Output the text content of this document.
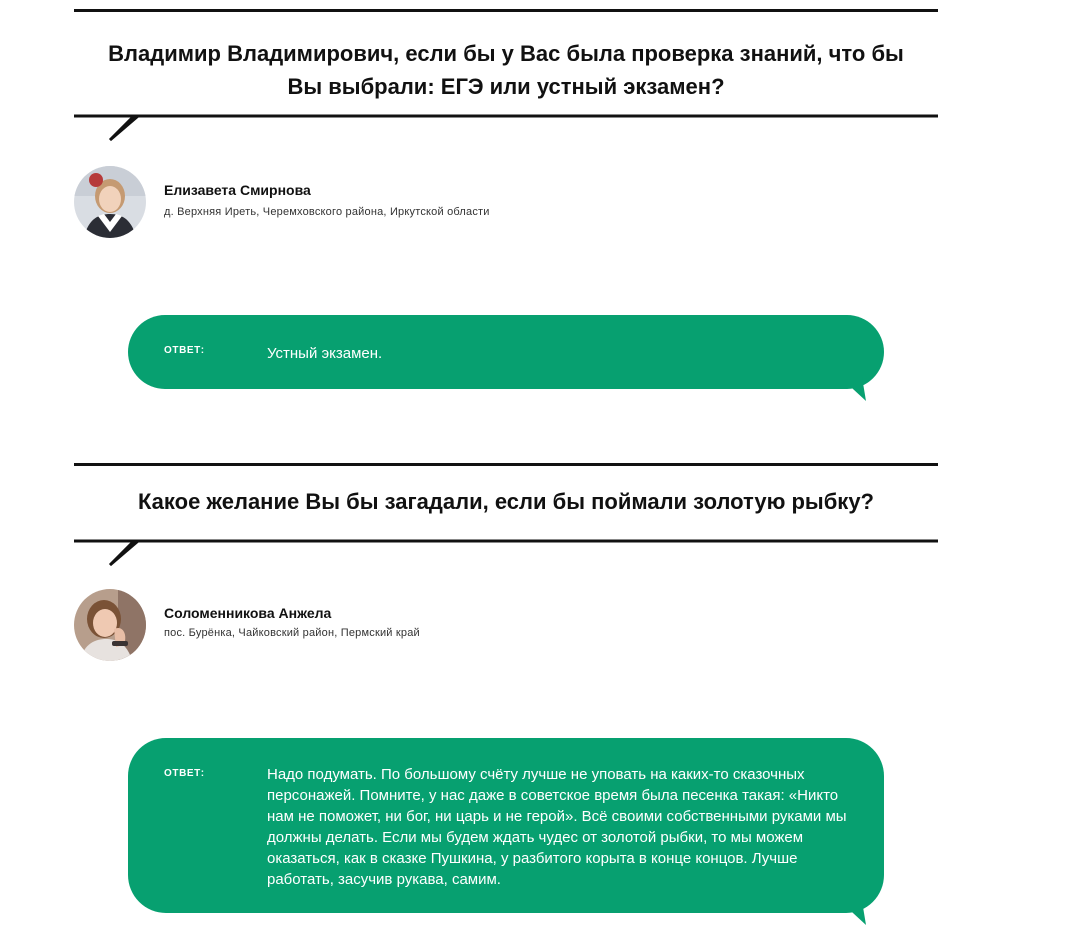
Владимир Владимирович, если бы у Вас была проверка знаний, что бы Вы выбрали: ЕГЭ или устный экзамен?
Елизавета Смирнова
д. Верхняя Иреть, Черемховского района, Иркутской области
ОТВЕТ:	Устный экзамен.
Какое желание Вы бы загадали, если бы поймали золотую рыбку?
Соломенникова Анжела
пос. Бурёнка, Чайковский район, Пермский край
ОТВЕТ:	Надо подумать. По большому счёту лучше не уповать на каких-то сказочных персонажей. Помните, у нас даже в советское время была песенка такая: «Никто нам не поможет, ни бог, ни царь и не герой». Всё своими собственными руками мы должны делать. Если мы будем ждать чудес от золотой рыбки, то мы можем оказаться, как в сказке Пушкина, у разбитого корыта в конце концов. Лучше работать, засучив рукава, самим.
